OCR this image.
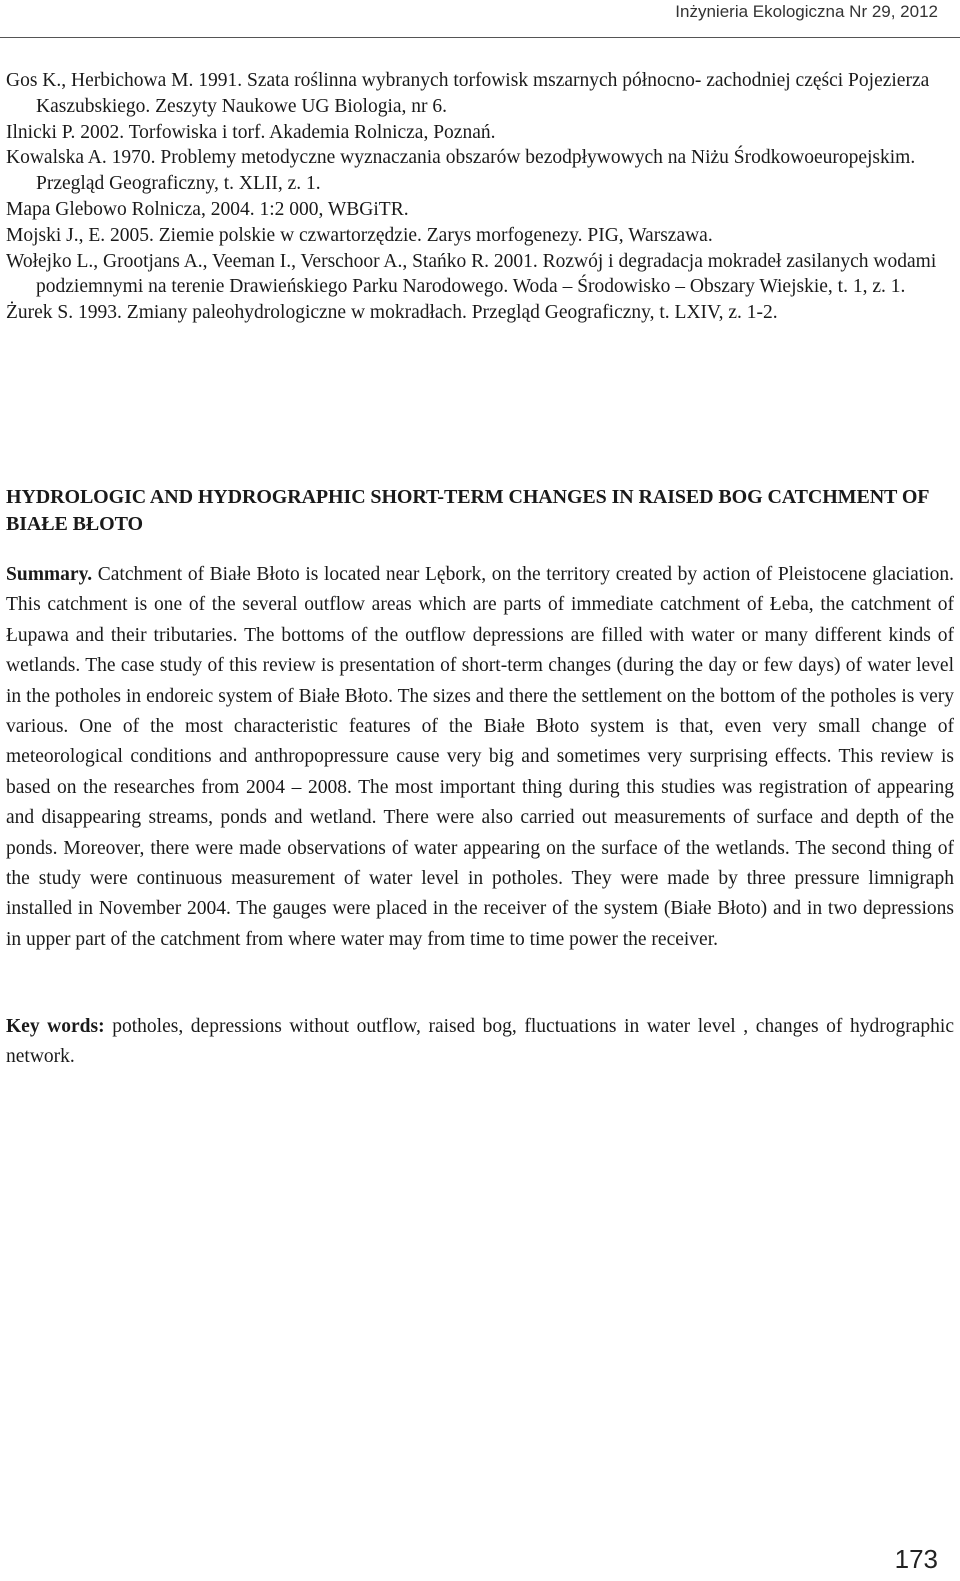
Inżynieria Ekologiczna Nr 29, 2012

Gos K., Herbichowa M. 1991. Szata roślinna wybranych torfowisk mszarnych północno- zachodniej części Pojezierza Kaszubskiego. Zeszyty Naukowe UG Biologia, nr 6.

Ilnicki P. 2002. Torfowiska i torf. Akademia Rolnicza, Poznań.

Kowalska A. 1970. Problemy metodyczne wyznaczania obszarów bezodpływowych na Niżu Środkowoeuropejskim. Przegląd Geograficzny, t. XLII, z. 1.

Mapa Glebowo Rolnicza, 2004. 1:2 000, WBGiTR.

Mojski J., E. 2005. Ziemie polskie w czwartorzędzie. Zarys morfogenezy. PIG, Warszawa.

Wołejko L., Grootjans A., Veeman I., Verschoor A., Stańko R. 2001. Rozwój i degradacja mokradeł zasilanych wodami podziemnymi na terenie Drawieńskiego Parku Narodowego. Woda – Środowisko – Obszary Wiejskie, t. 1, z. 1.

Żurek S. 1993. Zmiany paleohydrologiczne w mokradłach. Przegląd Geograficzny, t. LXIV, z. 1-2.

HYDROLOGIC AND HYDROGRAPHIC SHORT-TERM CHANGES IN RAISED BOG CATCHMENT OF BIAŁE BŁOTO

Summary. Catchment of Białe Błoto is located near Lębork, on the territory created by action of Pleistocene glaciation. This catchment is one of the several outflow areas which are parts of immediate catchment of Łeba, the catchment of Łupawa and their tributaries. The bottoms of the outflow depressions are filled with water or many different kinds of wetlands. The case study of this review is presentation of short-term changes (during the day or few days) of water level in the potholes in endoreic system of Białe Błoto. The sizes and there the settlement on the bottom of the potholes is very various. One of the most characteristic features of the Białe Błoto system is that, even very small change of meteorological conditions and anthropopressure cause very big and sometimes very surprising effects. This review is based on the researches from 2004 – 2008. The most important thing during this studies was registration of appearing and disappearing streams, ponds and wetland. There were also carried out measurements of surface and depth of the ponds. Moreover, there were made observations of water appearing on the surface of the wetlands. The second thing of the study were continuous measurement of water level in potholes. They were made by three pressure limnigraph installed in November 2004. The gauges were placed in the receiver of the system (Białe Błoto) and in two depressions in upper part of the catchment from where water may from time to time power the receiver.

Key words: potholes, depressions without outflow, raised bog, fluctuations in water level , changes of hydrographic network.

173
